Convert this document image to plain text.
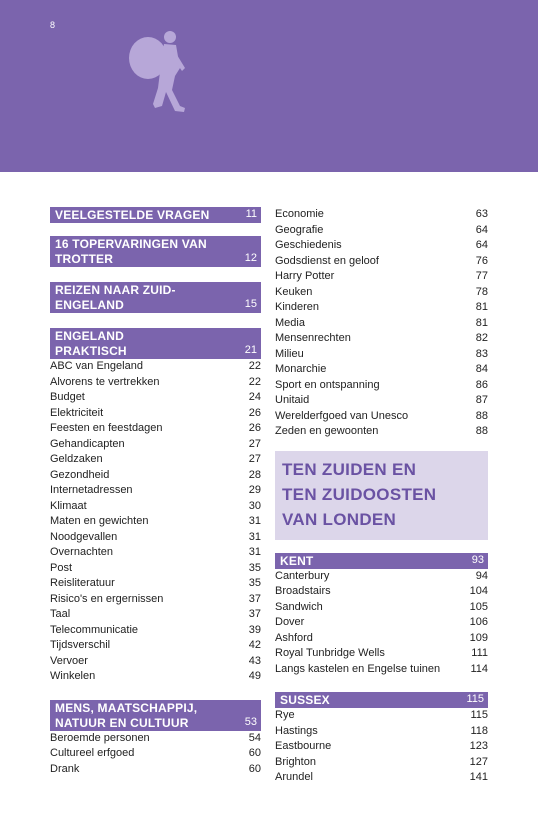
8
VEELGESTELDE VRAGEN	11
16 TOPERVARINGEN VAN TROTTER	12
REIZEN NAAR ZUID-ENGELAND	15
ENGELAND PRAKTISCH	21
ABC van Engeland	22
Alvorens te vertrekken	22
Budget	24
Elektriciteit	26
Feesten en feestdagen	26
Gehandicapten	27
Geldzaken	27
Gezondheid	28
Internetadressen	29
Klimaat	30
Maten en gewichten	31
Noodgevallen	31
Overnachten	31
Post	35
Reisliteratuur	35
Risico's en ergernissen	37
Taal	37
Telecommunicatie	39
Tijdsverschil	42
Vervoer	43
Winkelen	49
MENS, MAATSCHAPPIJ, NATUUR EN CULTUUR	53
Beroemde personen	54
Cultureel erfgoed	60
Drank	60
Economie	63
Geografie	64
Geschiedenis	64
Godsdienst en geloof	76
Harry Potter	77
Keuken	78
Kinderen	81
Media	81
Mensenrechten	82
Milieu	83
Monarchie	84
Sport en ontspanning	86
Unitaid	87
Werelderfgoed van Unesco	88
Zeden en gewoonten	88
TEN ZUIDEN EN
TEN ZUIDOOSTEN
VAN LONDEN
KENT	93
Canterbury	94
Broadstairs	104
Sandwich	105
Dover	106
Ashford	109
Royal Tunbridge Wells	111
Langs kastelen en Engelse tuinen	114
SUSSEX	115
Rye	115
Hastings	118
Eastbourne	123
Brighton	127
Arundel	141
